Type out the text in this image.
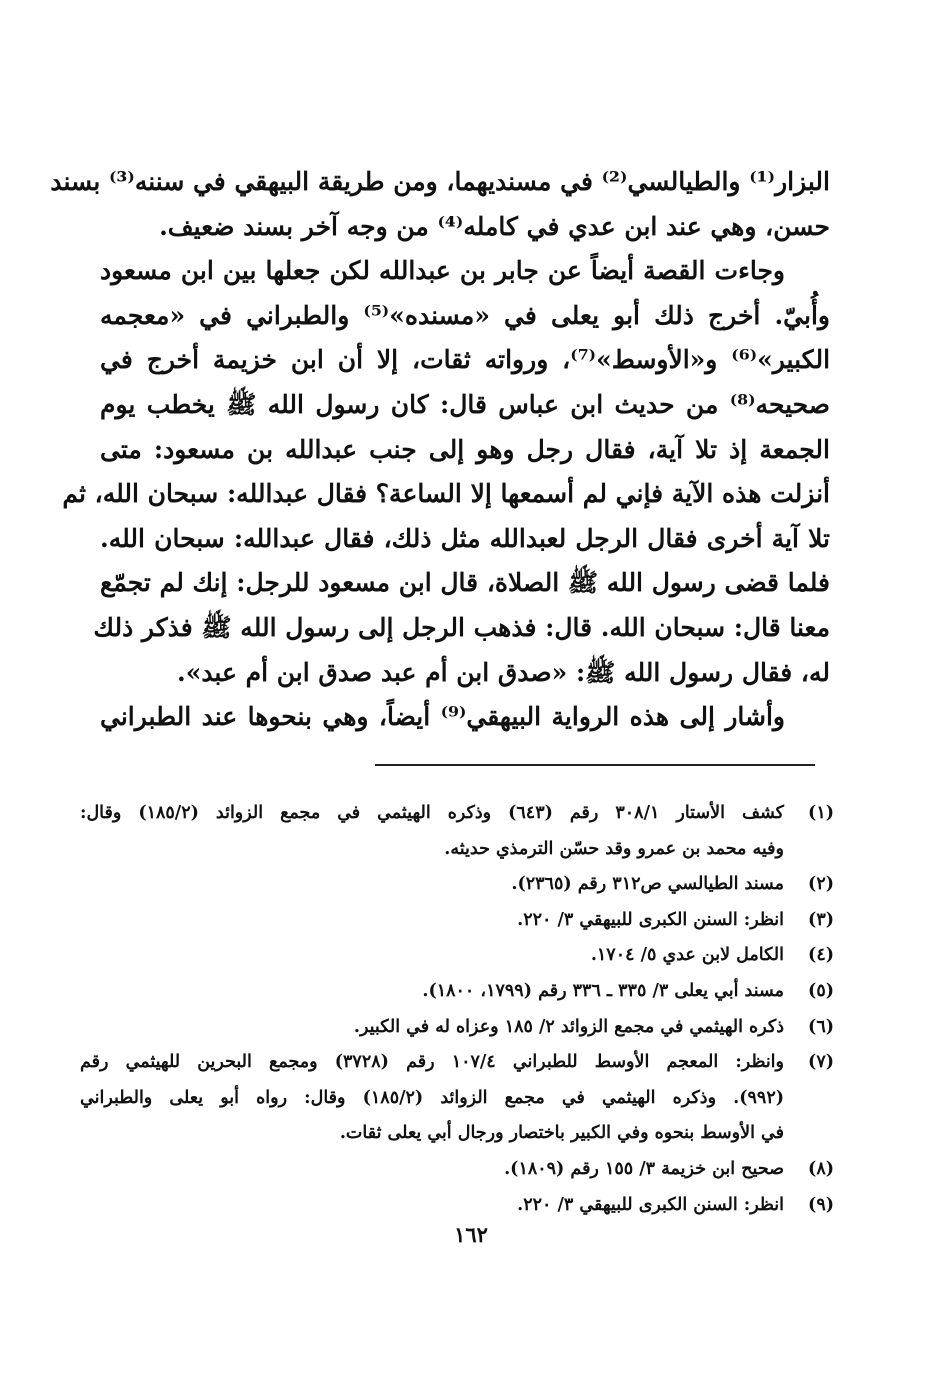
البزار⁽¹⁾ والطيالسي⁽²⁾ في مسنديهما، ومن طريقة البيهقي في سننه⁽³⁾ بسند
حسن، وهي عند ابن عدي في كامله⁽⁴⁾ من وجه آخر بسند ضعيف.
وجاءت القصة أيضاً عن جابر بن عبدالله لكن جعلها بين ابن مسعود
وأُبيّ. أخرج ذلك أبو يعلى في «مسنده»⁽⁵⁾ والطبراني في «معجمه
الكبير»⁽⁶⁾ و«الأوسط»⁽⁷⁾، ورواته ثقات، إلا أن ابن خزيمة أخرج في
صحيحه⁽⁸⁾ من حديث ابن عباس قال: كان رسول الله ﷺ يخطب يوم
الجمعة إذ تلا آية، فقال رجل وهو إلى جنب عبدالله بن مسعود: متى
أنزلت هذه الآية فإني لم أسمعها إلا الساعة؟ فقال عبدالله: سبحان الله، ثم
تلا آية أخرى فقال الرجل لعبدالله مثل ذلك، فقال عبدالله: سبحان الله.
فلما قضى رسول الله ﷺ الصلاة، قال ابن مسعود للرجل: إنك لم تجمّع
معنا قال: سبحان الله. قال: فذهب الرجل إلى رسول الله ﷺ فذكر ذلك
له، فقال رسول الله ﷺ: «صدق ابن أم عبد صدق ابن أم عبد».
وأشار إلى هذه الرواية البيهقي⁽⁹⁾ أيضاً، وهي بنحوها عند الطبراني
(١)
كشف الأستار ٣٠٨/١ رقم (٦٤٣) وذكره الهيثمي في مجمع الزوائد (١٨٥/٢) وقال:
وفيه محمد بن عمرو وقد حسّن الترمذي حديثه.
(٢)
مسند الطيالسي ص٣١٢ رقم (٢٣٦٥).
(٣)
انظر: السنن الكبرى للبيهقي ٣/ ٢٢٠.
(٤)
الكامل لابن عدي ٥/ ١٧٠٤.
(٥)
مسند أبي يعلى ٣/ ٣٣٥ ـ ٣٣٦ رقم (١٧٩٩، ١٨٠٠).
(٦)
ذكره الهيثمي في مجمع الزوائد ٢/ ١٨٥ وعزاه له في الكبير.
(٧)
وانظر: المعجم الأوسط للطبراني ١٠٧/٤ رقم (٣٧٢٨) ومجمع البحرين للهيثمي رقم
(٩٩٢). وذكره الهيثمي في مجمع الزوائد (١٨٥/٢) وقال: رواه أبو يعلى والطبراني
في الأوسط بنحوه وفي الكبير باختصار ورجال أبي يعلى ثقات.
(٨)
صحيح ابن خزيمة ٣/ ١٥٥ رقم (١٨٠٩).
(٩)
انظر: السنن الكبرى للبيهقي ٣/ ٢٢٠.
١٦٢
